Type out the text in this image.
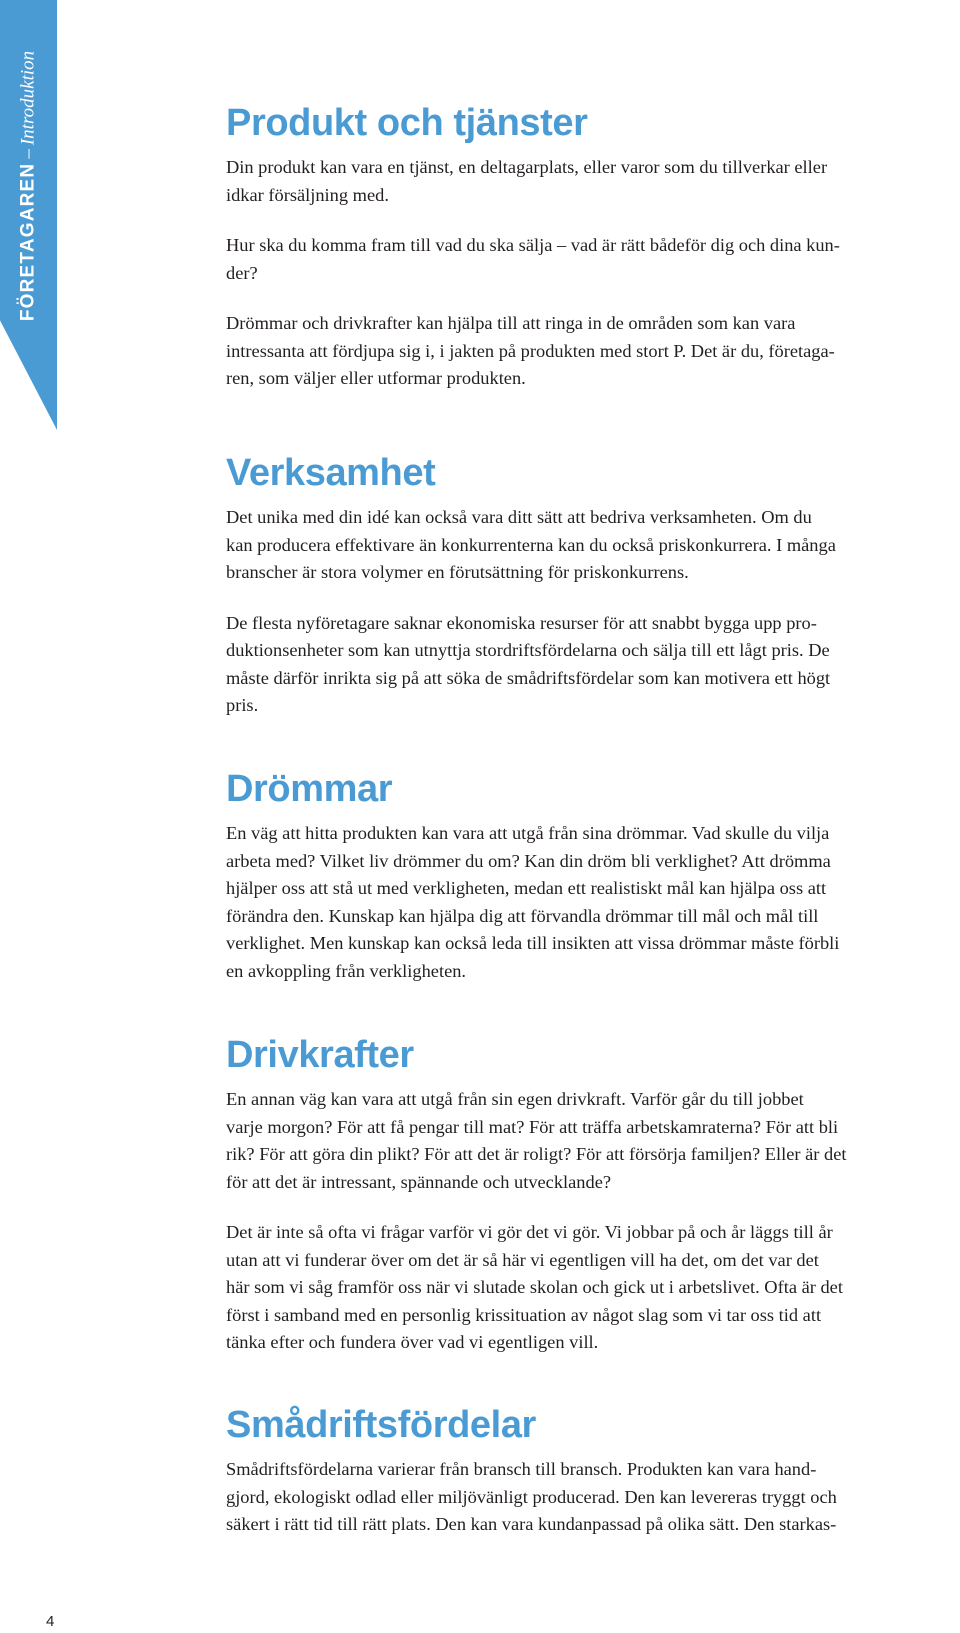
FÖRETAGAREN–Introduktion	Produkt och tjänster

Din produkt kan vara en tjänst, en deltagarplats, eller varor som du tillverkar eller
idkar försäljning med.

Hur ska du komma fram till vad du ska sälja – vad är rätt bådeför dig och dina kun-
der?

Drömmar och drivkrafter kan hjälpa till att ringa in de områden som kan vara
intressanta att fördjupa sig i, i jakten på produkten med stort P. Det är du, företaga-
ren, som väljer eller utformar produkten.

Verksamhet

Det unika med din idé kan också vara ditt sätt att bedriva verksamheten. Om du
kan producera effektivare än konkurrenterna kan du också priskonkurrera. I många
branscher är stora volymer en förutsättning för priskonkurrens.

De flesta nyföretagare saknar ekonomiska resurser för att snabbt bygga upp pro-
duktionsenheter som kan utnyttja stordriftsfördelarna och sälja till ett lågt pris. De
måste därför inrikta sig på att söka de smådriftsfördelar som kan motivera ett högt
pris.

Drömmar

En väg att hitta produkten kan vara att utgå från sina drömmar. Vad skulle du vilja
arbeta med? Vilket liv drömmer du om? Kan din dröm bli verklighet? Att drömma
hjälper oss att stå ut med verkligheten, medan ett realistiskt mål kan hjälpa oss att
förändra den. Kunskap kan hjälpa dig att förvandla drömmar till mål och mål till
verklighet. Men kunskap kan också leda till insikten att vissa drömmar måste förbli
en avkoppling från verkligheten.

Drivkrafter

En annan väg kan vara att utgå från sin egen drivkraft. Varför går du till jobbet
varje morgon? För att få pengar till mat? För att träffa arbetskamraterna? För att bli
rik? För att göra din plikt? För att det är roligt? För att försörja familjen? Eller är det
för att det är intressant, spännande och utvecklande?

Det är inte så ofta vi frågar varför vi gör det vi gör. Vi jobbar på och år läggs till år
utan att vi funderar över om det är så här vi egentligen vill ha det, om det var det
här som vi såg framför oss när vi slutade skolan och gick ut i arbetslivet. Ofta är det
först i samband med en personlig krissituation av något slag som vi tar oss tid att
tänka efter och fundera över vad vi egentligen vill.

Smådriftsfördelar

Smådriftsfördelarna varierar från bransch till bransch. Produkten kan vara hand-
gjord, ekologiskt odlad eller miljövänligt producerad. Den kan levereras tryggt och
säkert i rätt tid till rätt plats. Den kan vara kundanpassad på olika sätt. Den starkas-

4
